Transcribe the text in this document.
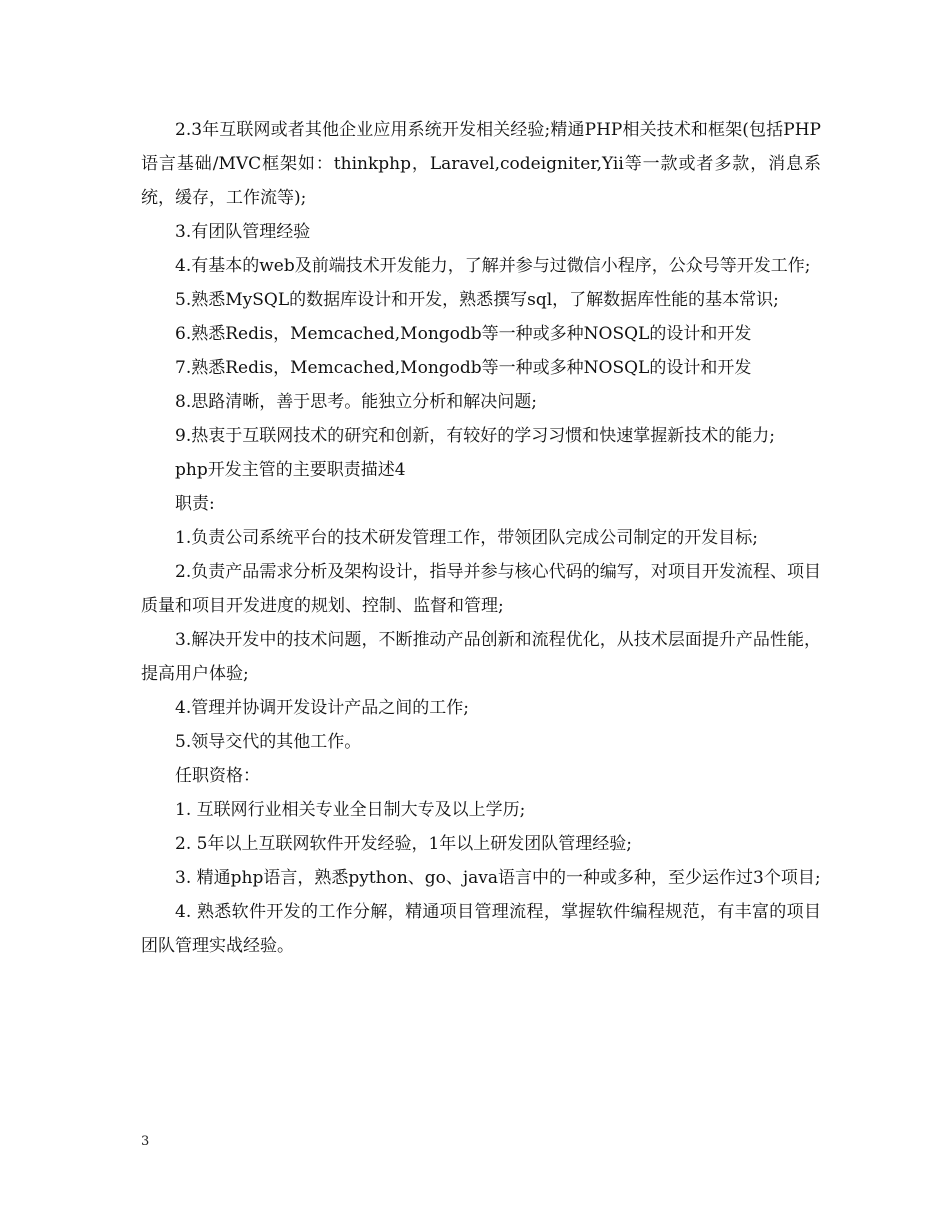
2.3年互联网或者其他企业应用系统开发相关经验;精通PHP相关技术和框架(包括PHP语言基础/MVC框架如：thinkphp，Laravel,codeigniter,Yii等一款或者多款，消息系统，缓存，工作流等);

3.有团队管理经验

4.有基本的web及前端技术开发能力，了解并参与过微信小程序，公众号等开发工作;

5.熟悉MySQL的数据库设计和开发，熟悉撰写sql，了解数据库性能的基本常识;

6.熟悉Redis，Memcached,Mongodb等一种或多种NOSQL的设计和开发

7.熟悉Redis，Memcached,Mongodb等一种或多种NOSQL的设计和开发

8.思路清晰，善于思考。能独立分析和解决问题;

9.热衷于互联网技术的研究和创新，有较好的学习习惯和快速掌握新技术的能力;

php开发主管的主要职责描述4

职责:

1.负责公司系统平台的技术研发管理工作，带领团队完成公司制定的开发目标;

2.负责产品需求分析及架构设计，指导并参与核心代码的编写，对项目开发流程、项目质量和项目开发进度的规划、控制、监督和管理;

3.解决开发中的技术问题，不断推动产品创新和流程优化，从技术层面提升产品性能，提高用户体验;

4.管理并协调开发设计产品之间的工作;

5.领导交代的其他工作。

任职资格：

1. 互联网行业相关专业全日制大专及以上学历;

2. 5年以上互联网软件开发经验，1年以上研发团队管理经验;

3. 精通php语言，熟悉python、go、java语言中的一种或多种，至少运作过3个项目;

4. 熟悉软件开发的工作分解，精通项目管理流程，掌握软件编程规范，有丰富的项目团队管理实战经验。

3
